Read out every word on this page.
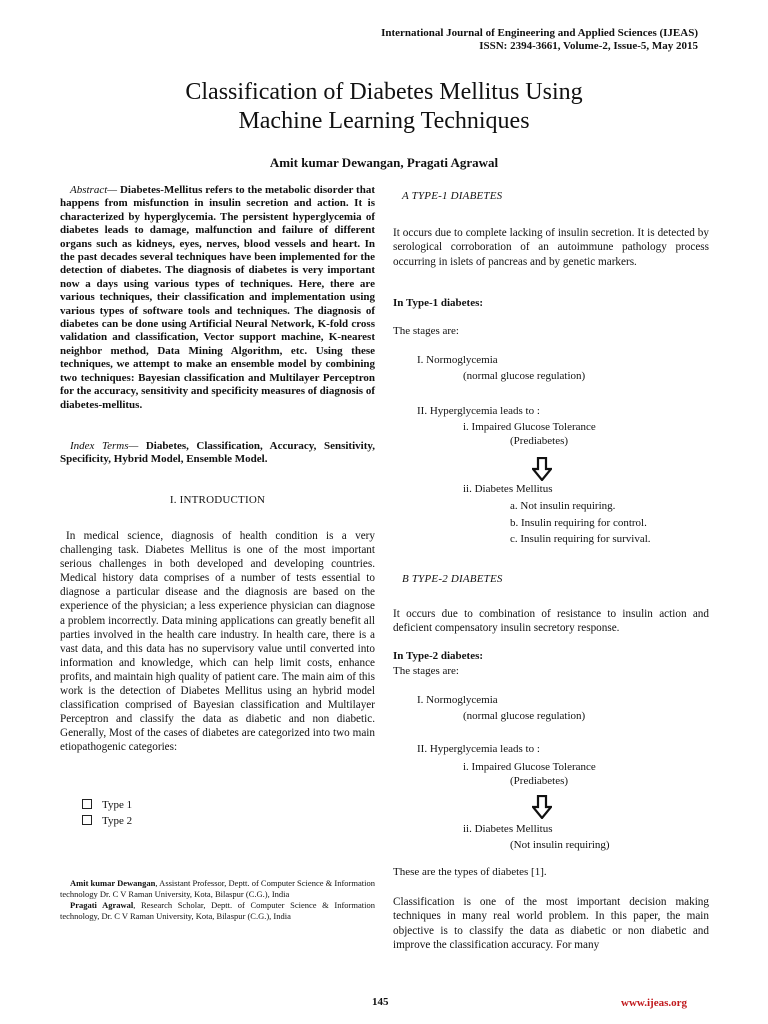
International Journal of Engineering and Applied Sciences (IJEAS)
ISSN: 2394-3661, Volume-2, Issue-5, May 2015
Classification of Diabetes Mellitus Using
Machine Learning Techniques
Amit kumar Dewangan, Pragati Agrawal
Abstract— Diabetes-Mellitus refers to the metabolic disorder that happens from misfunction in insulin secretion and action. It is characterized by hyperglycemia. The persistent hyperglycemia of diabetes leads to damage, malfunction and failure of different organs such as kidneys, eyes, nerves, blood vessels and heart. In the past decades several techniques have been implemented for the detection of diabetes. The diagnosis of diabetes is very important now a days using various types of techniques. Here, there are various techniques, their classification and implementation using various types of software tools and techniques. The diagnosis of diabetes can be done using Artificial Neural Network, K-fold cross validation and classification, Vector support machine, K-nearest neighbor method, Data Mining Algorithm, etc. Using these techniques, we attempt to make an ensemble model by combining two techniques: Bayesian classification and Multilayer Perceptron for the accuracy, sensitivity and specificity measures of diagnosis of diabetes-mellitus.
Index Terms— Diabetes, Classification, Accuracy, Sensitivity, Specificity, Hybrid Model, Ensemble Model.
I. INTRODUCTION
In medical science, diagnosis of health condition is a very challenging task. Diabetes Mellitus is one of the most important serious challenges in both developed and developing countries. Medical history data comprises of a number of tests essential to diagnose a particular disease and the diagnosis are based on the experience of the physician; a less experience physician can diagnose a problem incorrectly. Data mining applications can greatly benefit all parties involved in the health care industry. In health care, there is a vast data, and this data has no supervisory value until converted into information and knowledge, which can help limit costs, enhance profits, and maintain high quality of patient care. The main aim of this work is the detection of Diabetes Mellitus using an hybrid model classification comprised of Bayesian classification and Multilayer Perceptron and classify the data as diabetic and non diabetic. Generally, Most of the cases of diabetes are categorized into two main etiopathogenic categories:
Type 1
Type 2
Amit kumar Dewangan, Assistant Professor, Deptt. of Computer Science & Information technology Dr. C V Raman University, Kota, Bilaspur (C.G.), India
Pragati Agrawal, Research Scholar, Deptt. of Computer Science & Information technology, Dr. C V Raman University, Kota, Bilaspur (C.G.), India
A TYPE-1 DIABETES
It occurs due to complete lacking of insulin secretion. It is detected by serological corroboration of an autoimmune pathology process occurring in islets of pancreas and by genetic markers.
In Type-1 diabetes:
The stages are:
I. Normoglycemia
(normal glucose regulation)
II. Hyperglycemia leads to :
i. Impaired Glucose Tolerance
(Prediabetes)
ii. Diabetes Mellitus
a. Not insulin requiring.
b. Insulin requiring for control.
c. Insulin requiring for survival.
B TYPE-2 DIABETES
It occurs due to combination of resistance to insulin action and deficient compensatory insulin secretory response.
In Type-2 diabetes:
The stages are:
I. Normoglycemia
(normal glucose regulation)
II. Hyperglycemia leads to :
i. Impaired Glucose Tolerance
(Prediabetes)
ii. Diabetes Mellitus
(Not insulin requiring)
These are the types of diabetes [1].
Classification is one of the most important decision making techniques in many real world problem. In this paper, the main objective is to classify the data as diabetic or non diabetic and improve the classification accuracy. For many
145	www.ijeas.org
